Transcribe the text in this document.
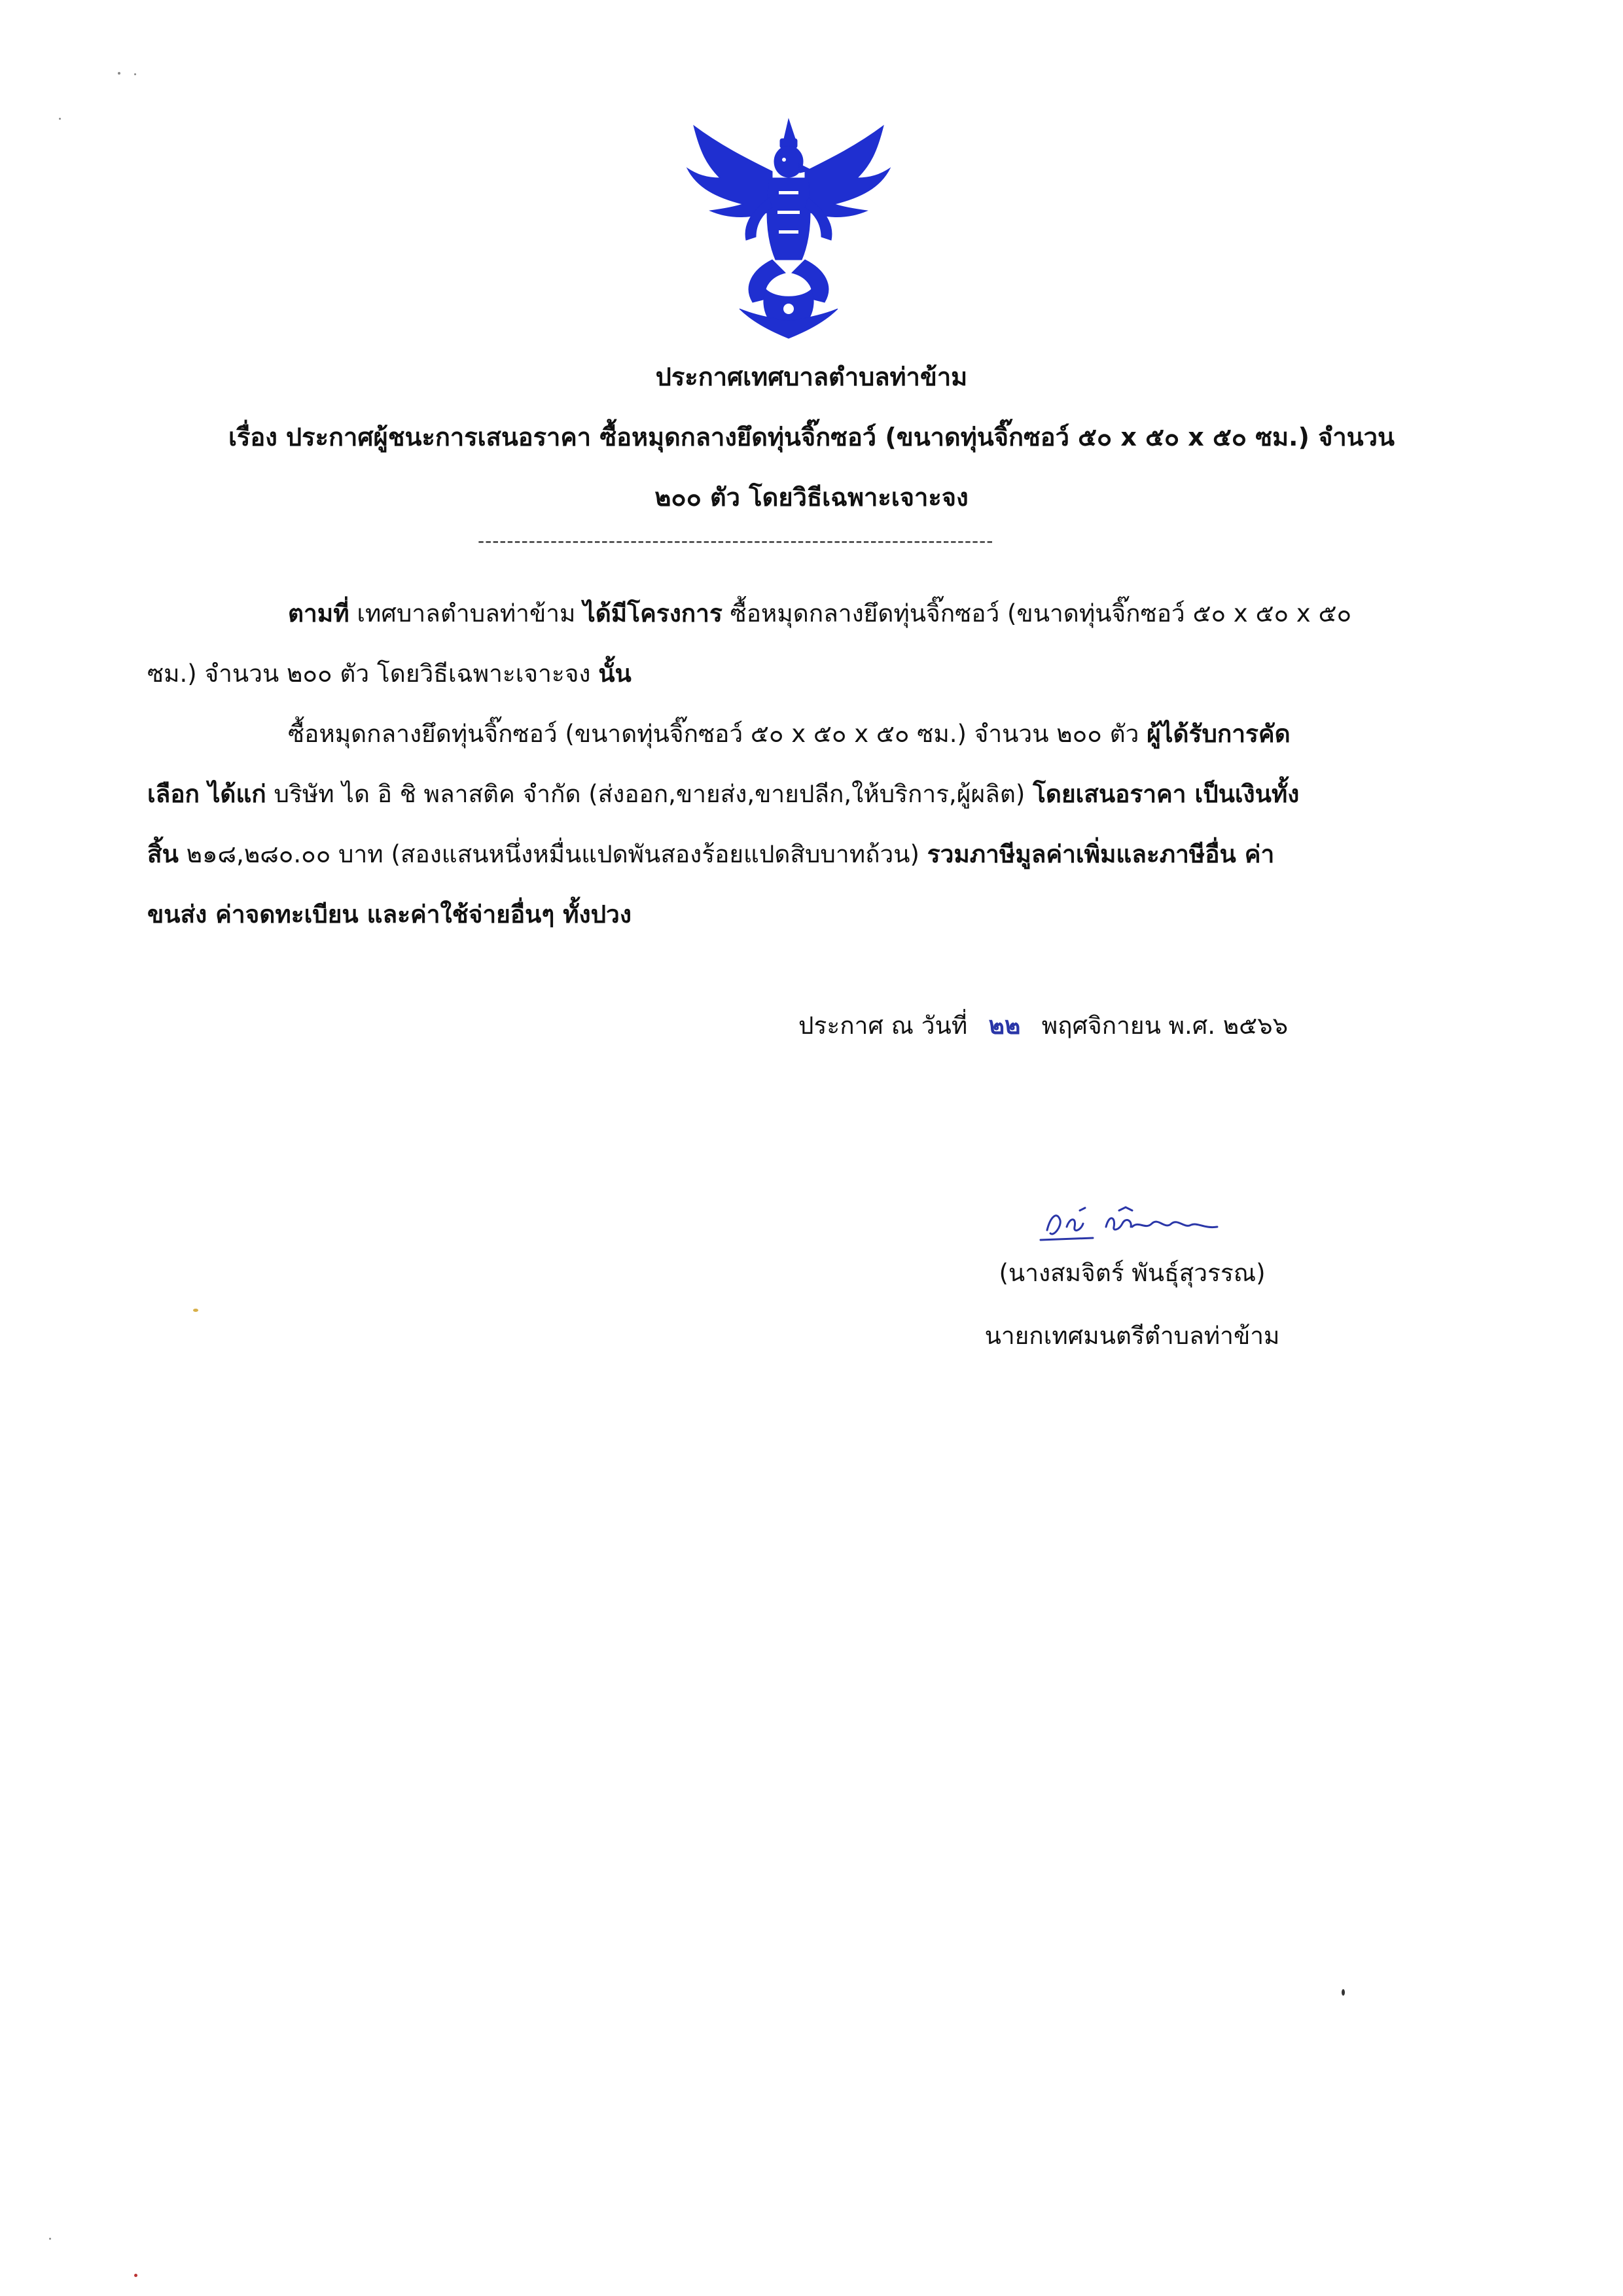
ประกาศเทศบาลตำบลท่าข้าม
เรื่อง ประกาศผู้ชนะการเสนอราคา ซื้อหมุดกลางยึดทุ่นจิ๊กซอว์ (ขนาดทุ่นจิ๊กซอว์ ๕๐ x ๕๐ x ๕๐ ซม.) จำนวน
๒๐๐ ตัว โดยวิธีเฉพาะเจาะจง
-----------------------------------------------------------------------
ตามที่ เทศบาลตำบลท่าข้าม ได้มีโครงการ ซื้อหมุดกลางยึดทุ่นจิ๊กซอว์ (ขนาดทุ่นจิ๊กซอว์ ๕๐ x ๕๐ x ๕๐
ซม.) จำนวน ๒๐๐ ตัว โดยวิธีเฉพาะเจาะจง นั้น
ซื้อหมุดกลางยึดทุ่นจิ๊กซอว์ (ขนาดทุ่นจิ๊กซอว์ ๕๐ x ๕๐ x ๕๐ ซม.) จำนวน ๒๐๐ ตัว ผู้ได้รับการคัด
เลือก ได้แก่ บริษัท ได อิ ชิ พลาสติค จำกัด (ส่งออก,ขายส่ง,ขายปลีก,ให้บริการ,ผู้ผลิต) โดยเสนอราคา เป็นเงินทั้ง
สิ้น ๒๑๘,๒๘๐.๐๐ บาท (สองแสนหนึ่งหมื่นแปดพันสองร้อยแปดสิบบาทถ้วน) รวมภาษีมูลค่าเพิ่มและภาษีอื่น ค่า
ขนส่ง ค่าจดทะเบียน และค่าใช้จ่ายอื่นๆ ทั้งปวง
ประกาศ ณ วันที่ ๒๒ พฤศจิกายน พ.ศ. ๒๕๖๖
(นางสมจิตร์ พันธุ์สุวรรณ)
นายกเทศมนตรีตำบลท่าข้าม
